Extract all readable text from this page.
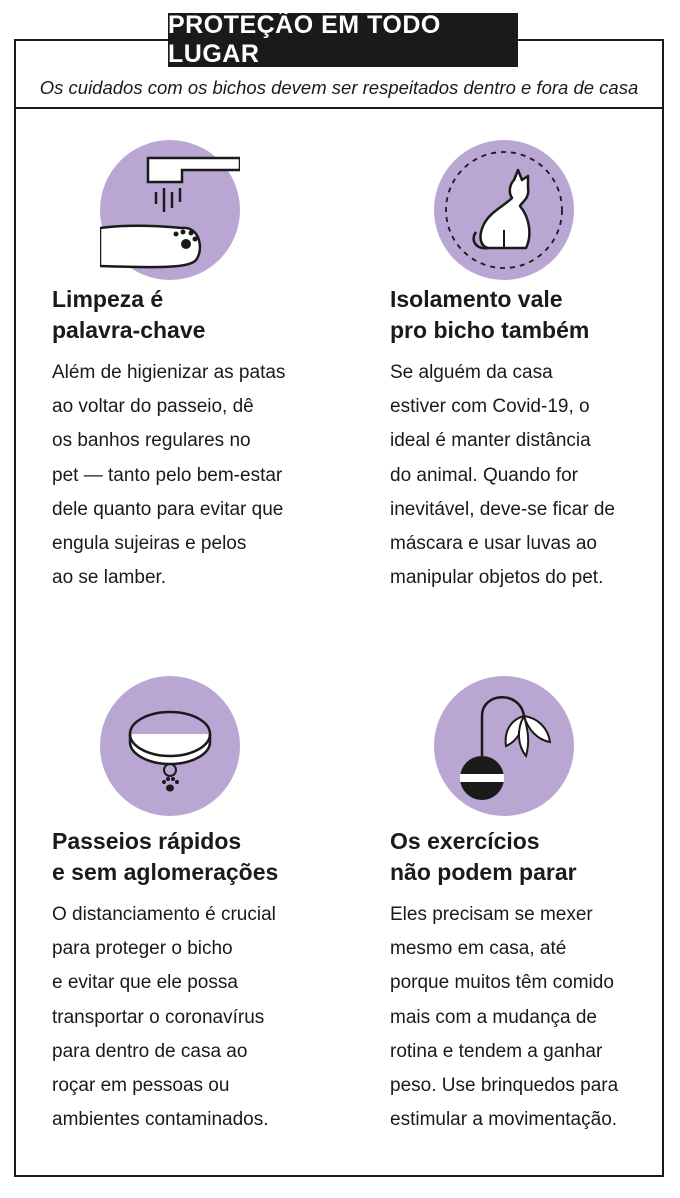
PROTEÇÃO EM TODO LUGAR
Os cuidados com os bichos devem ser respeitados dentro e fora de casa
Limpeza é
palavra-chave
Além de higienizar as patas
ao voltar do passeio, dê
os banhos regulares no
pet — tanto pelo bem-estar
dele quanto para evitar que
engula sujeiras e pelos
ao se lamber.
Isolamento vale
pro bicho também
Se alguém da casa
estiver com Covid-19, o
ideal é manter distância
do animal. Quando for
inevitável, deve-se ficar de
máscara e usar luvas ao
manipular objetos do pet.
Passeios rápidos
e sem aglomerações
O distanciamento é crucial
para proteger o bicho
e evitar que ele possa
transportar o coronavírus
para dentro de casa ao
roçar em pessoas ou
ambientes contaminados.
Os exercícios
não podem parar
Eles precisam se mexer
mesmo em casa, até
porque muitos têm comido
mais com a mudança de
rotina e tendem a ganhar
peso. Use brinquedos para
estimular a movimentação.
